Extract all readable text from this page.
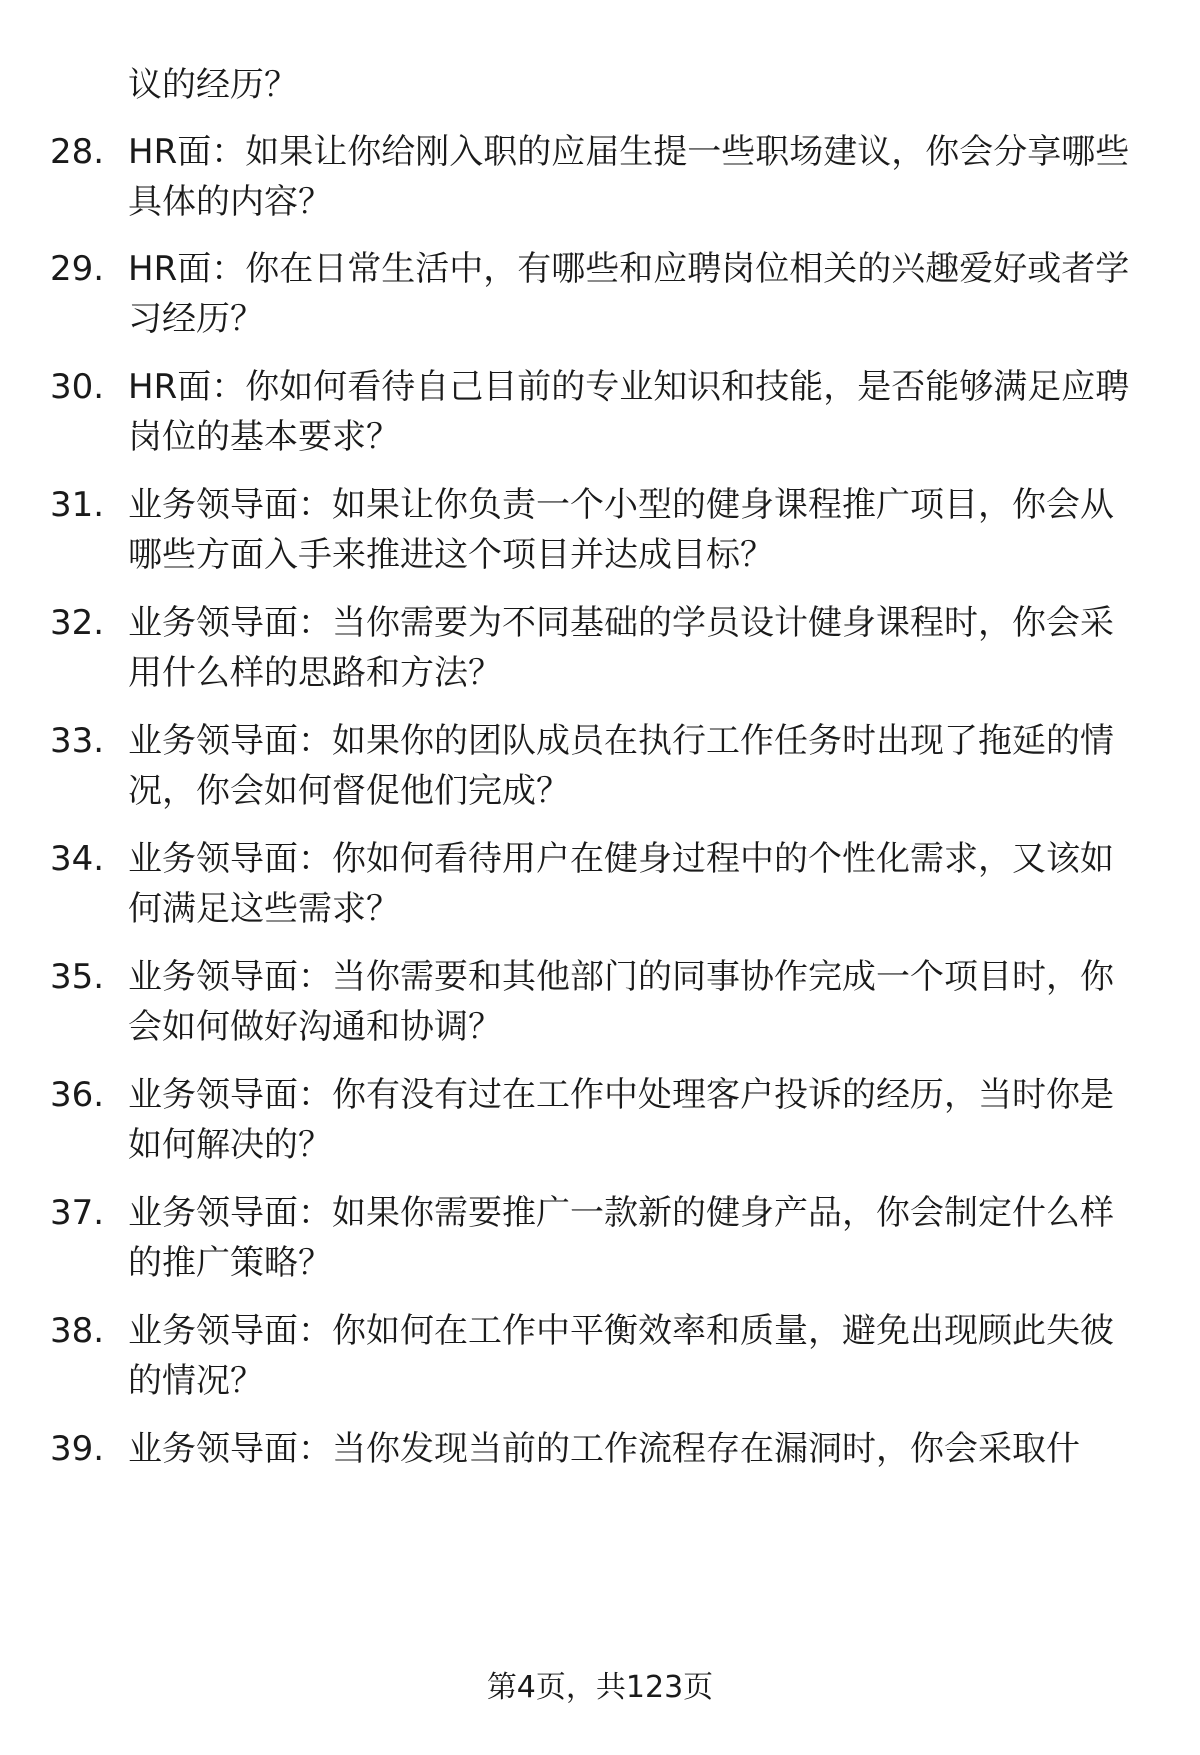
议的经历？
28. HR面：如果让你给刚入职的应届生提一些职场建议，你会分享哪些具体的内容？
29. HR面：你在日常生活中，有哪些和应聘岗位相关的兴趣爱好或者学习经历？
30. HR面：你如何看待自己目前的专业知识和技能，是否能够满足应聘岗位的基本要求？
31. 业务领导面：如果让你负责一个小型的健身课程推广项目，你会从哪些方面入手来推进这个项目并达成目标？
32. 业务领导面：当你需要为不同基础的学员设计健身课程时，你会采用什么样的思路和方法？
33. 业务领导面：如果你的团队成员在执行工作任务时出现了拖延的情况，你会如何督促他们完成？
34. 业务领导面：你如何看待用户在健身过程中的个性化需求，又该如何满足这些需求？
35. 业务领导面：当你需要和其他部门的同事协作完成一个项目时，你会如何做好沟通和协调？
36. 业务领导面：你有没有过在工作中处理客户投诉的经历，当时你是如何解决的？
37. 业务领导面：如果你需要推广一款新的健身产品，你会制定什么样的推广策略？
38. 业务领导面：你如何在工作中平衡效率和质量，避免出现顾此失彼的情况？
39. 业务领导面：当你发现当前的工作流程存在漏洞时，你会采取什
第4页，共123页
